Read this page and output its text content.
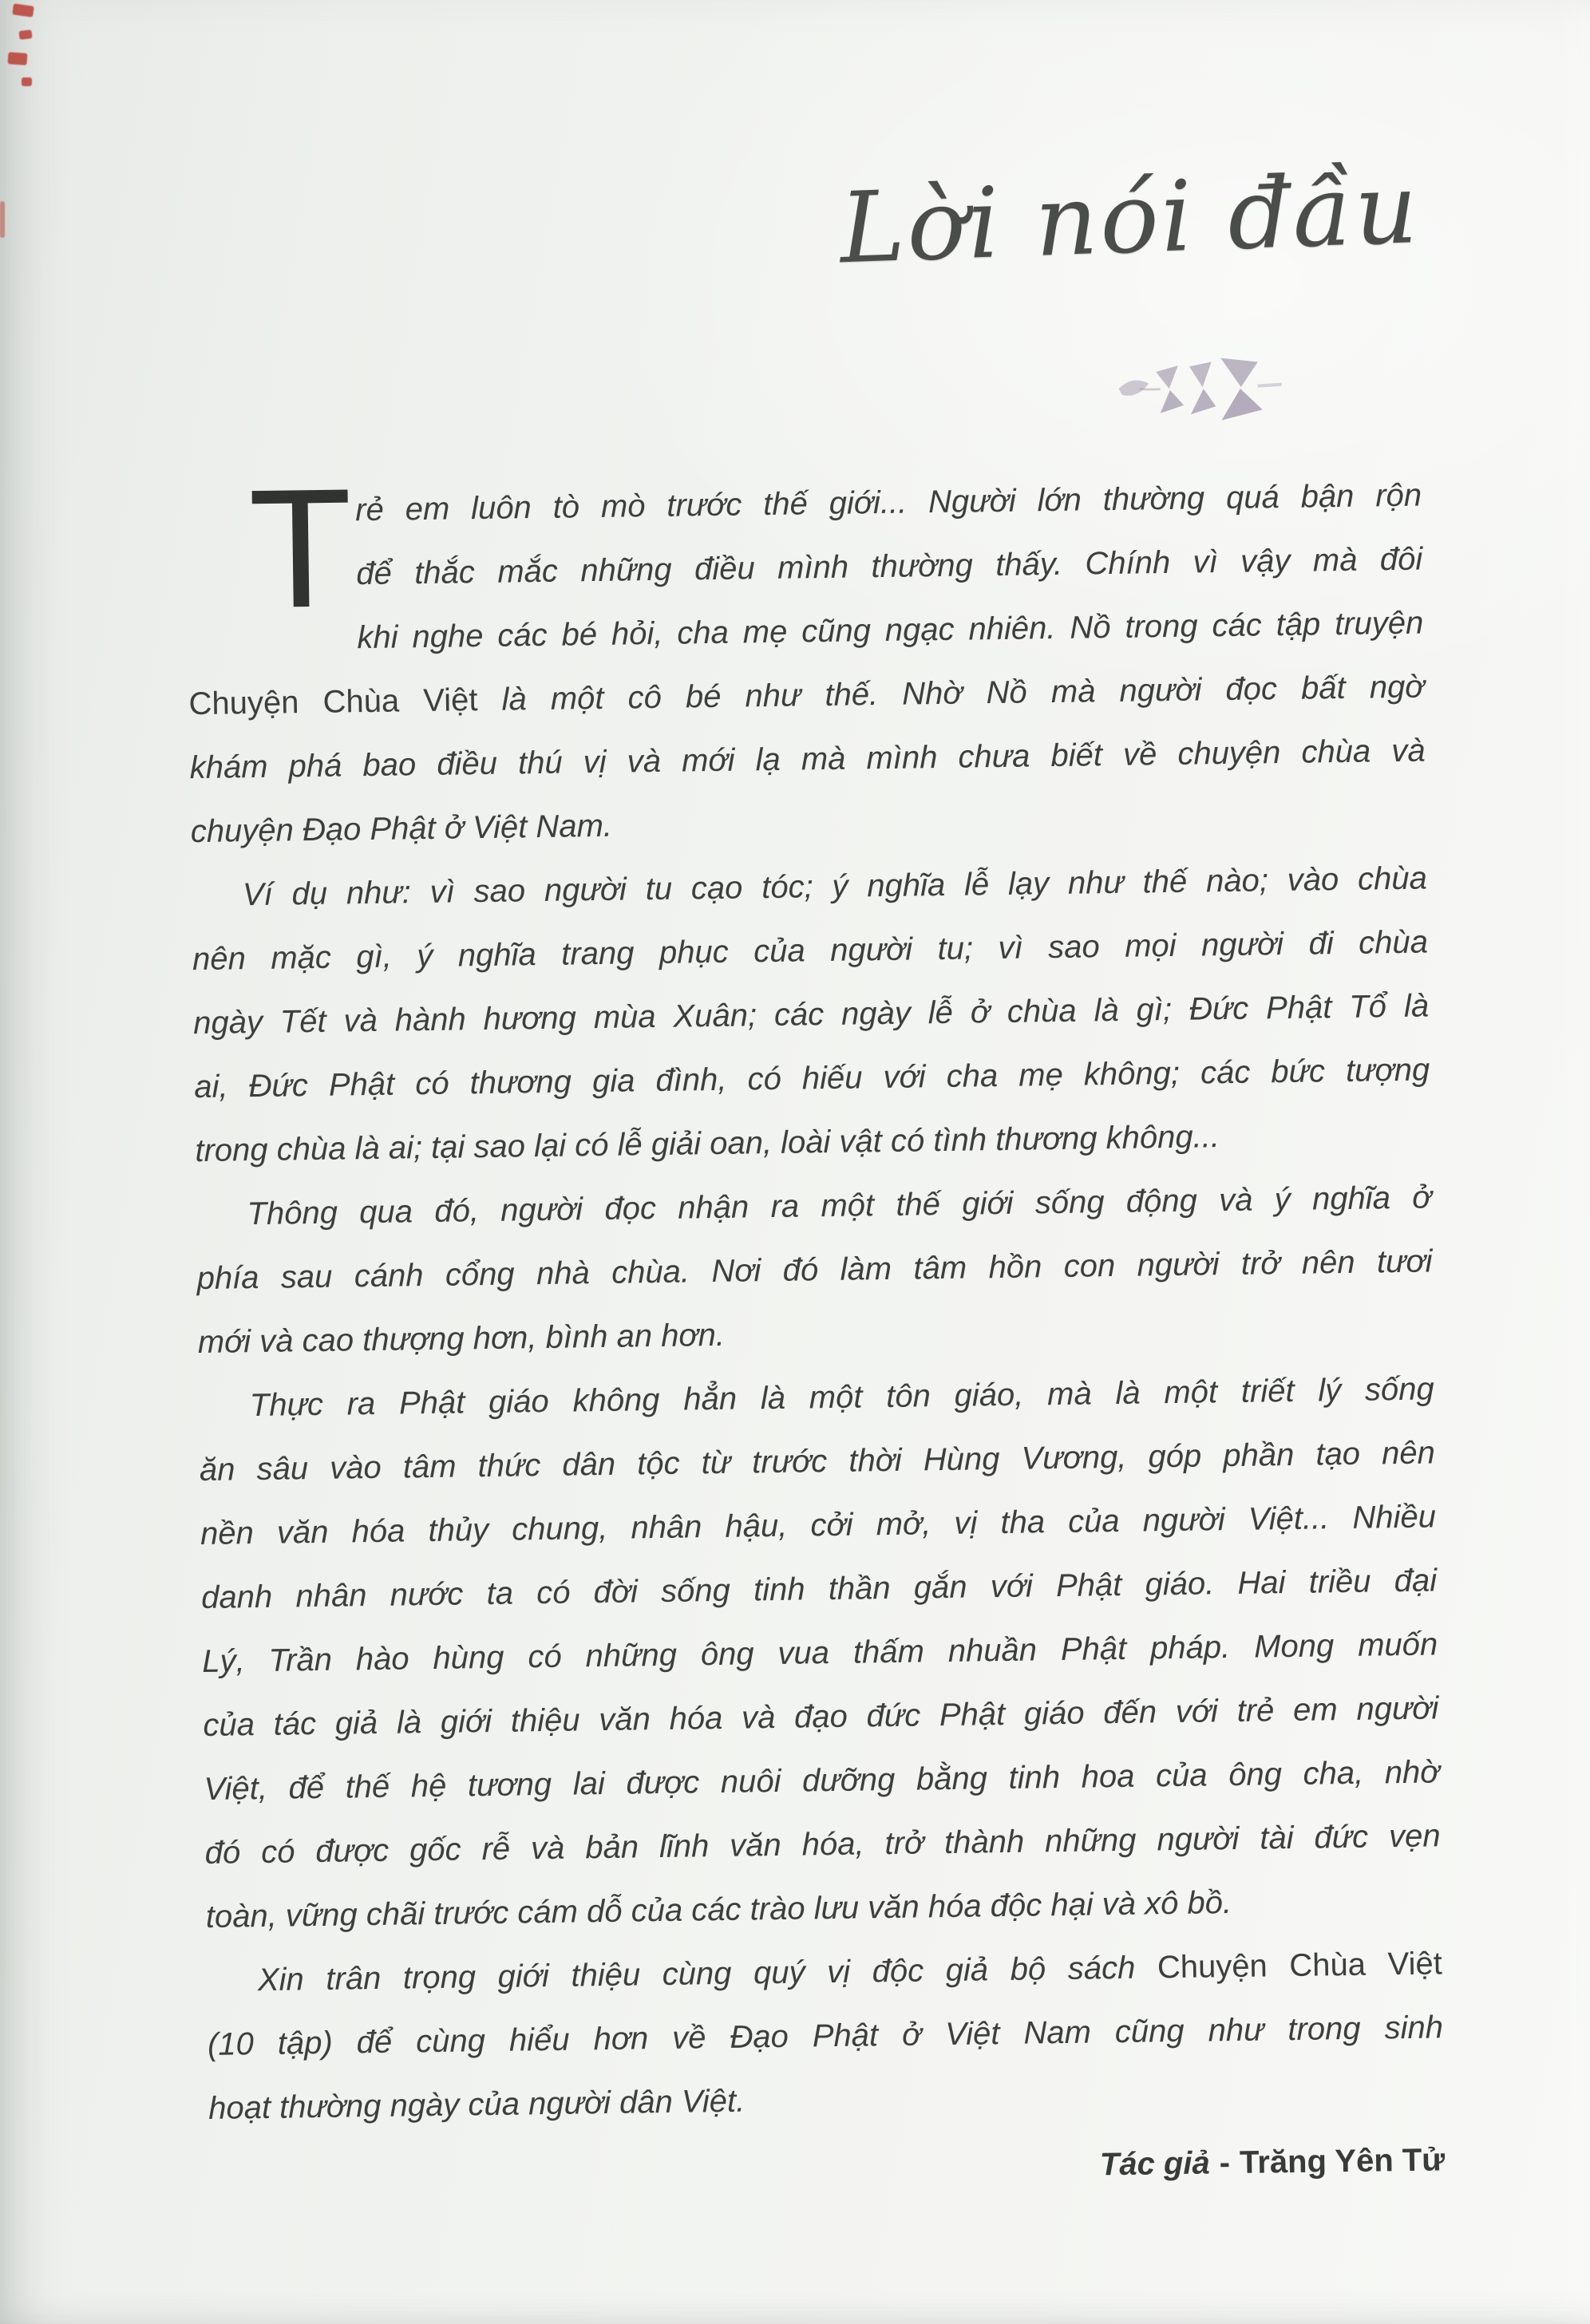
Lời nói đầu
T rẻ em luôn tò mò trước thế giới... Người lớn thường quá bận rộn
để thắc mắc những điều mình thường thấy. Chính vì vậy mà đôi
khi nghe các bé hỏi, cha mẹ cũng ngạc nhiên. Nồ trong các tập truyện
Chuyện Chùa Việt là một cô bé như thế. Nhờ Nồ mà người đọc bất ngờ
khám phá bao điều thú vị và mới lạ mà mình chưa biết về chuyện chùa và
chuyện Đạo Phật ở Việt Nam.
Ví dụ như: vì sao người tu cạo tóc; ý nghĩa lễ lạy như thế nào; vào chùa
nên mặc gì, ý nghĩa trang phục của người tu; vì sao mọi người đi chùa
ngày Tết và hành hương mùa Xuân; các ngày lễ ở chùa là gì; Đức Phật Tổ là
ai, Đức Phật có thương gia đình, có hiếu với cha mẹ không; các bức tượng
trong chùa là ai; tại sao lại có lễ giải oan, loài vật có tình thương không...
Thông qua đó, người đọc nhận ra một thế giới sống động và ý nghĩa ở
phía sau cánh cổng nhà chùa. Nơi đó làm tâm hồn con người trở nên tươi
mới và cao thượng hơn, bình an hơn.
Thực ra Phật giáo không hẳn là một tôn giáo, mà là một triết lý sống
ăn sâu vào tâm thức dân tộc từ trước thời Hùng Vương, góp phần tạo nên
nền văn hóa thủy chung, nhân hậu, cởi mở, vị tha của người Việt... Nhiều
danh nhân nước ta có đời sống tinh thần gắn với Phật giáo. Hai triều đại
Lý, Trần hào hùng có những ông vua thấm nhuần Phật pháp. Mong muốn
của tác giả là giới thiệu văn hóa và đạo đức Phật giáo đến với trẻ em người
Việt, để thế hệ tương lai được nuôi dưỡng bằng tinh hoa của ông cha, nhờ
đó có được gốc rễ và bản lĩnh văn hóa, trở thành những người tài đức vẹn
toàn, vững chãi trước cám dỗ của các trào lưu văn hóa độc hại và xô bồ.
Xin trân trọng giới thiệu cùng quý vị độc giả bộ sách Chuyện Chùa Việt
(10 tập) để cùng hiểu hơn về Đạo Phật ở Việt Nam cũng như trong sinh
hoạt thường ngày của người dân Việt.
Tác giả - Trăng Yên Tử
